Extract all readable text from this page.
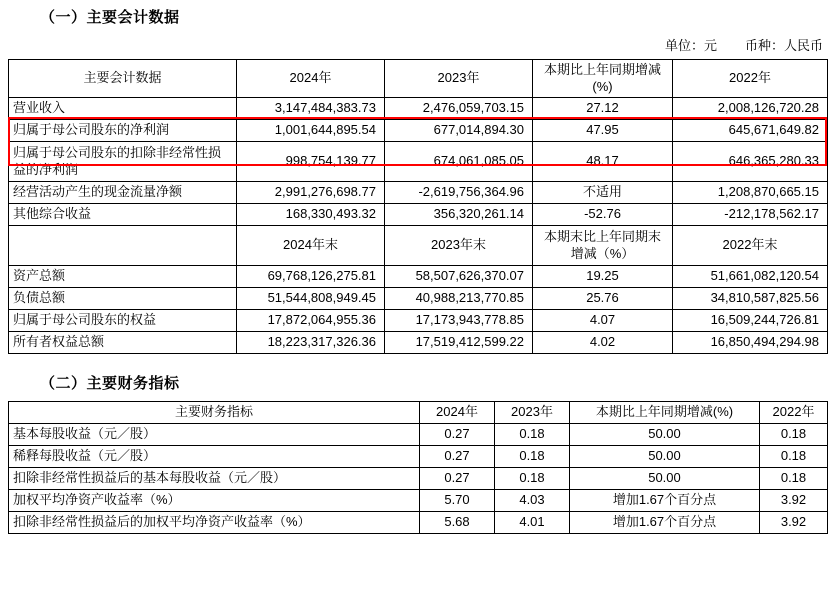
（一）主要会计数据
单位：元 币种：人民币
主要会计数据	2024年	2023年	本期比上年同期增减(%)	2022年
营业收入	3,147,484,383.73	2,476,059,703.15	27.12	2,008,126,720.28
归属于母公司股东的净利润	1,001,644,895.54	677,014,894.30	47.95	645,671,649.82
归属于母公司股东的扣除非经常性损益的净利润	998,754,139.77	674,061,085.05	48.17	646,365,280.33
经营活动产生的现金流量净额	2,991,276,698.77	-2,619,756,364.96	不适用	1,208,870,665.15
其他综合收益	168,330,493.32	356,320,261.14	-52.76	-212,178,562.17
	2024年末	2023年末	本期末比上年同期末增减（%）	2022年末
资产总额	69,768,126,275.81	58,507,626,370.07	19.25	51,661,082,120.54
负债总额	51,544,808,949.45	40,988,213,770.85	25.76	34,810,587,825.56
归属于母公司股东的权益	17,872,064,955.36	17,173,943,778.85	4.07	16,509,244,726.81
所有者权益总额	18,223,317,326.36	17,519,412,599.22	4.02	16,850,494,294.98
（二）主要财务指标
主要财务指标	2024年	2023年	本期比上年同期增减(%)	2022年
基本每股收益（元／股）	0.27	0.18	50.00	0.18
稀释每股收益（元／股）	0.27	0.18	50.00	0.18
扣除非经常性损益后的基本每股收益（元／股）	0.27	0.18	50.00	0.18
加权平均净资产收益率（%）	5.70	4.03	增加1.67个百分点	3.92
扣除非经常性损益后的加权平均净资产收益率（%）	5.68	4.01	增加1.67个百分点	3.92
